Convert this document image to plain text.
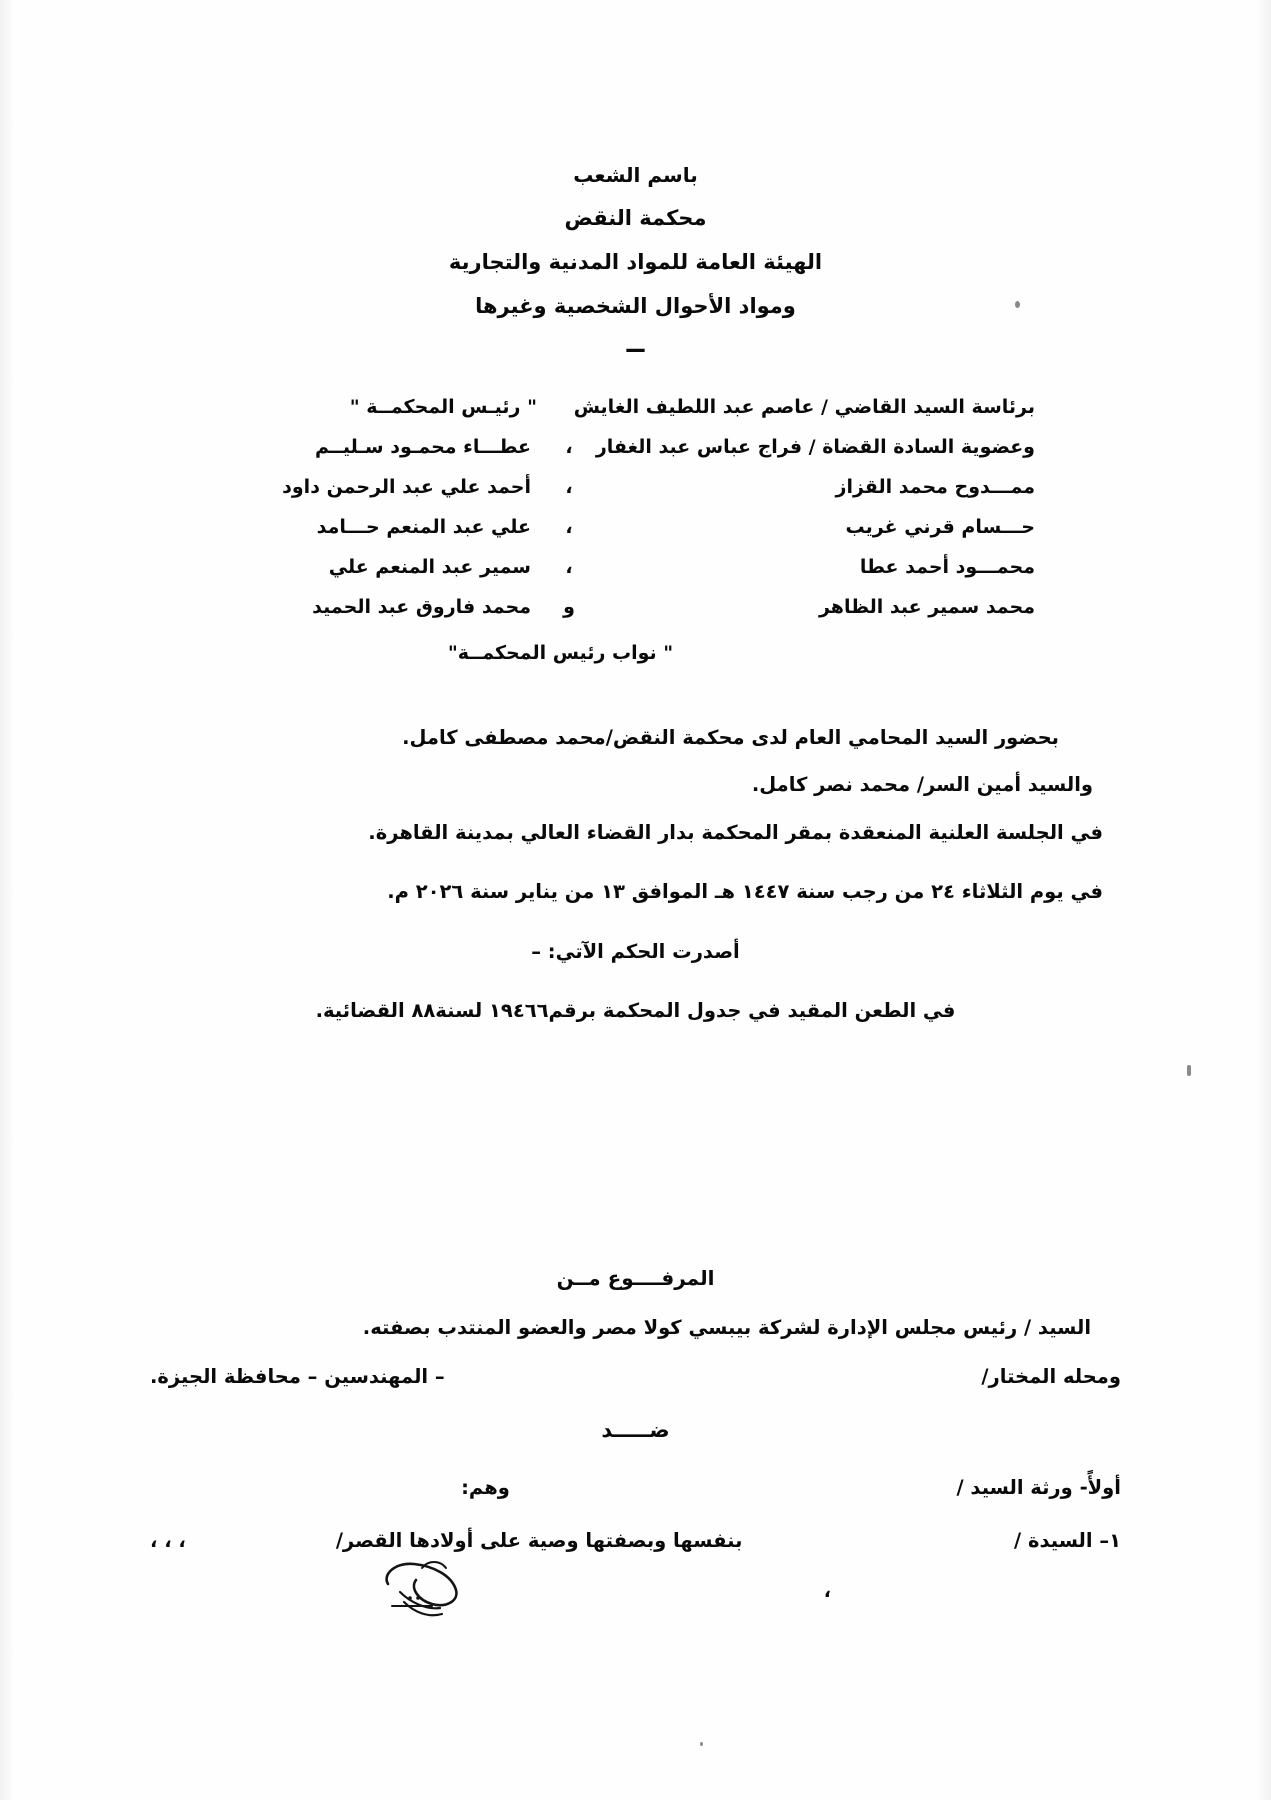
باسم الشعب
محكمة النقض
الهيئة العامة للمواد المدنية والتجارية
ومواد الأحوال الشخصية وغيرها
ــ
برئاسة السيد القاضي / عاصم عبد اللطيف الغايش
" رئيـس المحكمــة "
وعضوية السادة القضاة / فراج عباس عبد الغفار
،
عطـــاء محمـود سـليــم
ممـــدوح محمد القزاز
،
أحمد علي عبد الرحمن داود
حـــسام قرني غريب
،
علي عبد المنعم حـــامد
محمـــود أحمد عطا
،
سمير عبد المنعم علي
محمد سمير عبد الظاهر
و
محمد فاروق عبد الحميد
" نواب رئيس المحكمــة"
بحضور السيد المحامي العام لدى محكمة النقض/محمد مصطفى كامل.
والسيد أمين السر/ محمد نصر كامل.
في الجلسة العلنية المنعقدة بمقر المحكمة بدار القضاء العالي بمدينة القاهرة.
في يوم الثلاثاء ٢٤ من رجب سنة ١٤٤٧ هـ الموافق ١٣ من يناير سنة ٢٠٢٦ م.
أصدرت الحكم الآتي: –
في الطعن المقيد في جدول المحكمة برقم١٩٤٦٦ لسنة٨٨ القضائية.
المرفــــوع مــن
السيد / رئيس مجلس الإدارة لشركة بيبسي كولا مصر والعضو المنتدب بصفته.
ومحله المختار/
– المهندسين – محافظة الجيزة.
ضـــــد
أولأً- ورثة السيد /
وهم:
١– السيدة /
بنفسها وبصفتها وصية على أولادها القصر/
، ، ،
،
